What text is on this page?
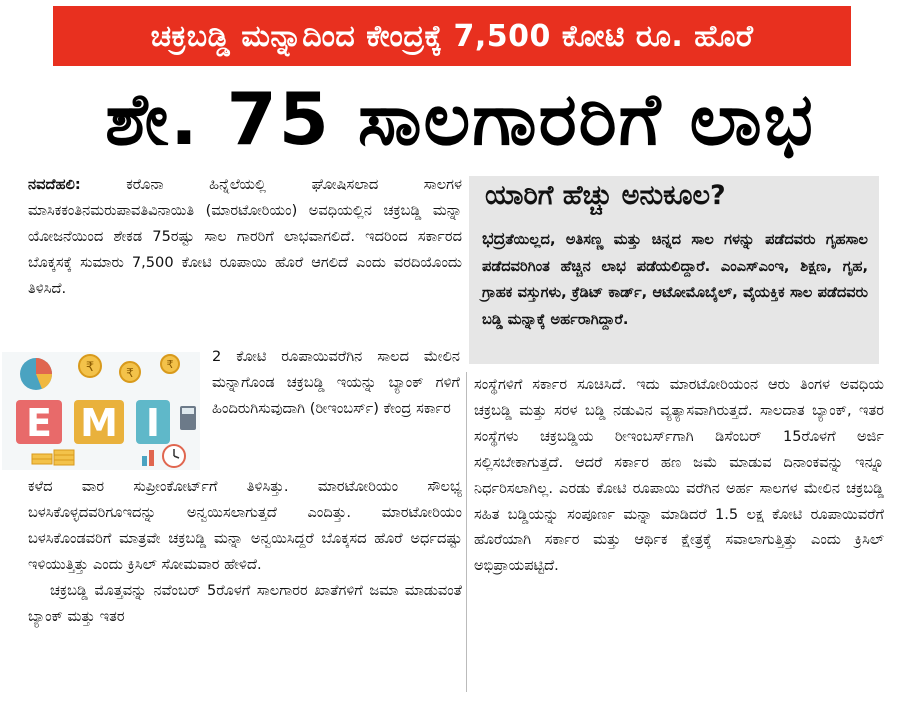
ಚಕ್ರಬಡ್ಡಿ ಮನ್ನಾದಿಂದ ಕೇಂದ್ರಕ್ಕೆ 7,500 ಕೋಟಿ ರೂ. ಹೊರೆ
ಶೇ. 75 ಸಾಲಗಾರರಿಗೆ ಲಾಭ

ನವದೆಹಲಿ: ಕರೊನಾ ಹಿನ್ನೆಲೆಯಲ್ಲಿ ಘೋಷಿಸಲಾದ ಸಾಲಗಳ ಮಾಸಿಕಕಂತಿನಮರುಪಾವತಿವಿನಾಯಿತಿ (ಮಾರಟೋರಿಯಂ) ಅವಧಿಯಲ್ಲಿನ ಚಕ್ರಬಡ್ಡಿ ಮನ್ನಾ ಯೋಜನೆಯಿಂದ ಶೇಕಡ 75ರಷ್ಟು ಸಾಲ ಗಾರರಿಗೆ ಲಾಭವಾಗಲಿದೆ. ಇದರಿಂದ ಸರ್ಕಾರದ ಬೊಕ್ಕಸಕ್ಕೆ ಸುಮಾರು 7,500 ಕೋಟಿ ರೂಪಾಯಿ ಹೊರೆ ಆಗಲಿದೆ ಎಂದು ವರದಿಯೊಂದು ತಿಳಿಸಿದೆ.

₹	₹
₹
E M I

2 ಕೋಟಿ ರೂಪಾಯಿವರೆಗಿನ ಸಾಲದ ಮೇಲಿನ ಮನ್ನಾಗೊಂಡ ಚಕ್ರಬಡ್ಡಿ ಇಯನ್ನು ಬ್ಯಾಂಕ್ ಗಳಿಗೆ ಹಿಂದಿರುಗಿಸುವುದಾಗಿ (ರೀಇಂಬರ್ಸ್) ಕೇಂದ್ರ ಸರ್ಕಾರ

ಕಳೆದ ವಾರ ಸುಪ್ರೀಂಕೋರ್ಟ್‌ಗೆ ತಿಳಿಸಿತ್ತು. ಮಾರಟೋರಿಯಂ ಸೌಲಭ್ಯ ಬಳಸಿಕೊಳ್ಳದವರಿಗೂಇದನ್ನು ಅನ್ವಯಿಸಲಾಗುತ್ತದೆ ಎಂದಿತ್ತು. ಮಾರಟೋರಿಯಂ ಬಳಸಿಕೊಂಡವರಿಗೆ ಮಾತ್ರವೇ ಚಕ್ರಬಡ್ಡಿ ಮನ್ನಾ ಅನ್ವಯಿಸಿದ್ದರೆ ಬೊಕ್ಕಸದ ಹೊರೆ ಅರ್ಧದಷ್ಟು ಇಳಿಯುತ್ತಿತ್ತು ಎಂದು ಕ್ರಿಸಿಲ್ ಸೋಮವಾರ ಹೇಳಿದೆ.

ಚಕ್ರಬಡ್ಡಿ ಮೊತ್ತವನ್ನು ನವೆಂಬರ್ 5ರೊಳಗೆ ಸಾಲಗಾರರ ಖಾತೆಗಳಿಗೆ ಜಮಾ ಮಾಡುವಂತೆ ಬ್ಯಾಂಕ್ ಮತ್ತು ಇತರ

ಯಾರಿಗೆ ಹೆಚ್ಚು ಅನುಕೂಲ?
ಭದ್ರತೆಯಿಲ್ಲದ, ಅತಿಸಣ್ಣ ಮತ್ತು ಚಿನ್ನದ ಸಾಲ ಗಳನ್ನು ಪಡೆದವರು ಗೃಹಸಾಲ ಪಡೆದವರಿಗಿಂತ ಹೆಚ್ಚಿನ ಲಾಭ ಪಡೆಯಲಿದ್ದಾರೆ. ಎಂಎಸ್‌ಎಂಇ, ಶಿಕ್ಷಣ, ಗೃಹ, ಗ್ರಾಹಕ ವಸ್ತುಗಳು, ಕ್ರೆಡಿಟ್ ಕಾರ್ಡ್, ಆಟೋಮೊಬೈಲ್, ವೈಯಕ್ತಿಕ ಸಾಲ ಪಡೆದವರು ಬಡ್ಡಿ ಮನ್ನಾಕ್ಕೆ ಅರ್ಹರಾಗಿದ್ದಾರೆ.

ಸಂಸ್ಥೆಗಳಿಗೆ ಸರ್ಕಾರ ಸೂಚಿಸಿದೆ. ಇದು ಮಾರಟೋರಿಯಂನ ಆರು ತಿಂಗಳ ಅವಧಿಯ ಚಕ್ರಬಡ್ಡಿ ಮತ್ತು ಸರಳ ಬಡ್ಡಿ ನಡುವಿನ ವ್ಯತ್ಯಾಸವಾಗಿರುತ್ತದೆ. ಸಾಲದಾತ ಬ್ಯಾಂಕ್, ಇತರ ಸಂಸ್ಥೆಗಳು ಚಕ್ರಬಡ್ಡಿಯ ರೀಇಂಬರ್ಸ್‌ಗಾಗಿ ಡಿಸೆಂಬರ್ 15ರೊಳಗೆ ಅರ್ಜಿ ಸಲ್ಲಿಸಬೇಕಾಗುತ್ತದೆ. ಆದರೆ ಸರ್ಕಾರ ಹಣ ಜಮೆ ಮಾಡುವ ದಿನಾಂಕವನ್ನು ಇನ್ನೂ ನಿರ್ಧರಿಸಲಾಗಿಲ್ಲ. ಎರಡು ಕೋಟಿ ರೂಪಾಯಿ ವರೆಗಿನ ಅರ್ಹ ಸಾಲಗಳ ಮೇಲಿನ ಚಕ್ರಬಡ್ಡಿ ಸಹಿತ ಬಡ್ಡಿಯನ್ನು ಸಂಪೂರ್ಣ ಮನ್ನಾ ಮಾಡಿದರೆ 1.5 ಲಕ್ಷ ಕೋಟಿ ರೂಪಾಯಿವರೆಗೆ ಹೊರೆಯಾಗಿ ಸರ್ಕಾರ ಮತ್ತು ಆರ್ಥಿಕ ಕ್ಷೇತ್ರಕ್ಕೆ ಸವಾಲಾಗುತ್ತಿತ್ತು ಎಂದು ಕ್ರಿಸಿಲ್ ಅಭಿಪ್ರಾಯಪಟ್ಟಿದೆ.
